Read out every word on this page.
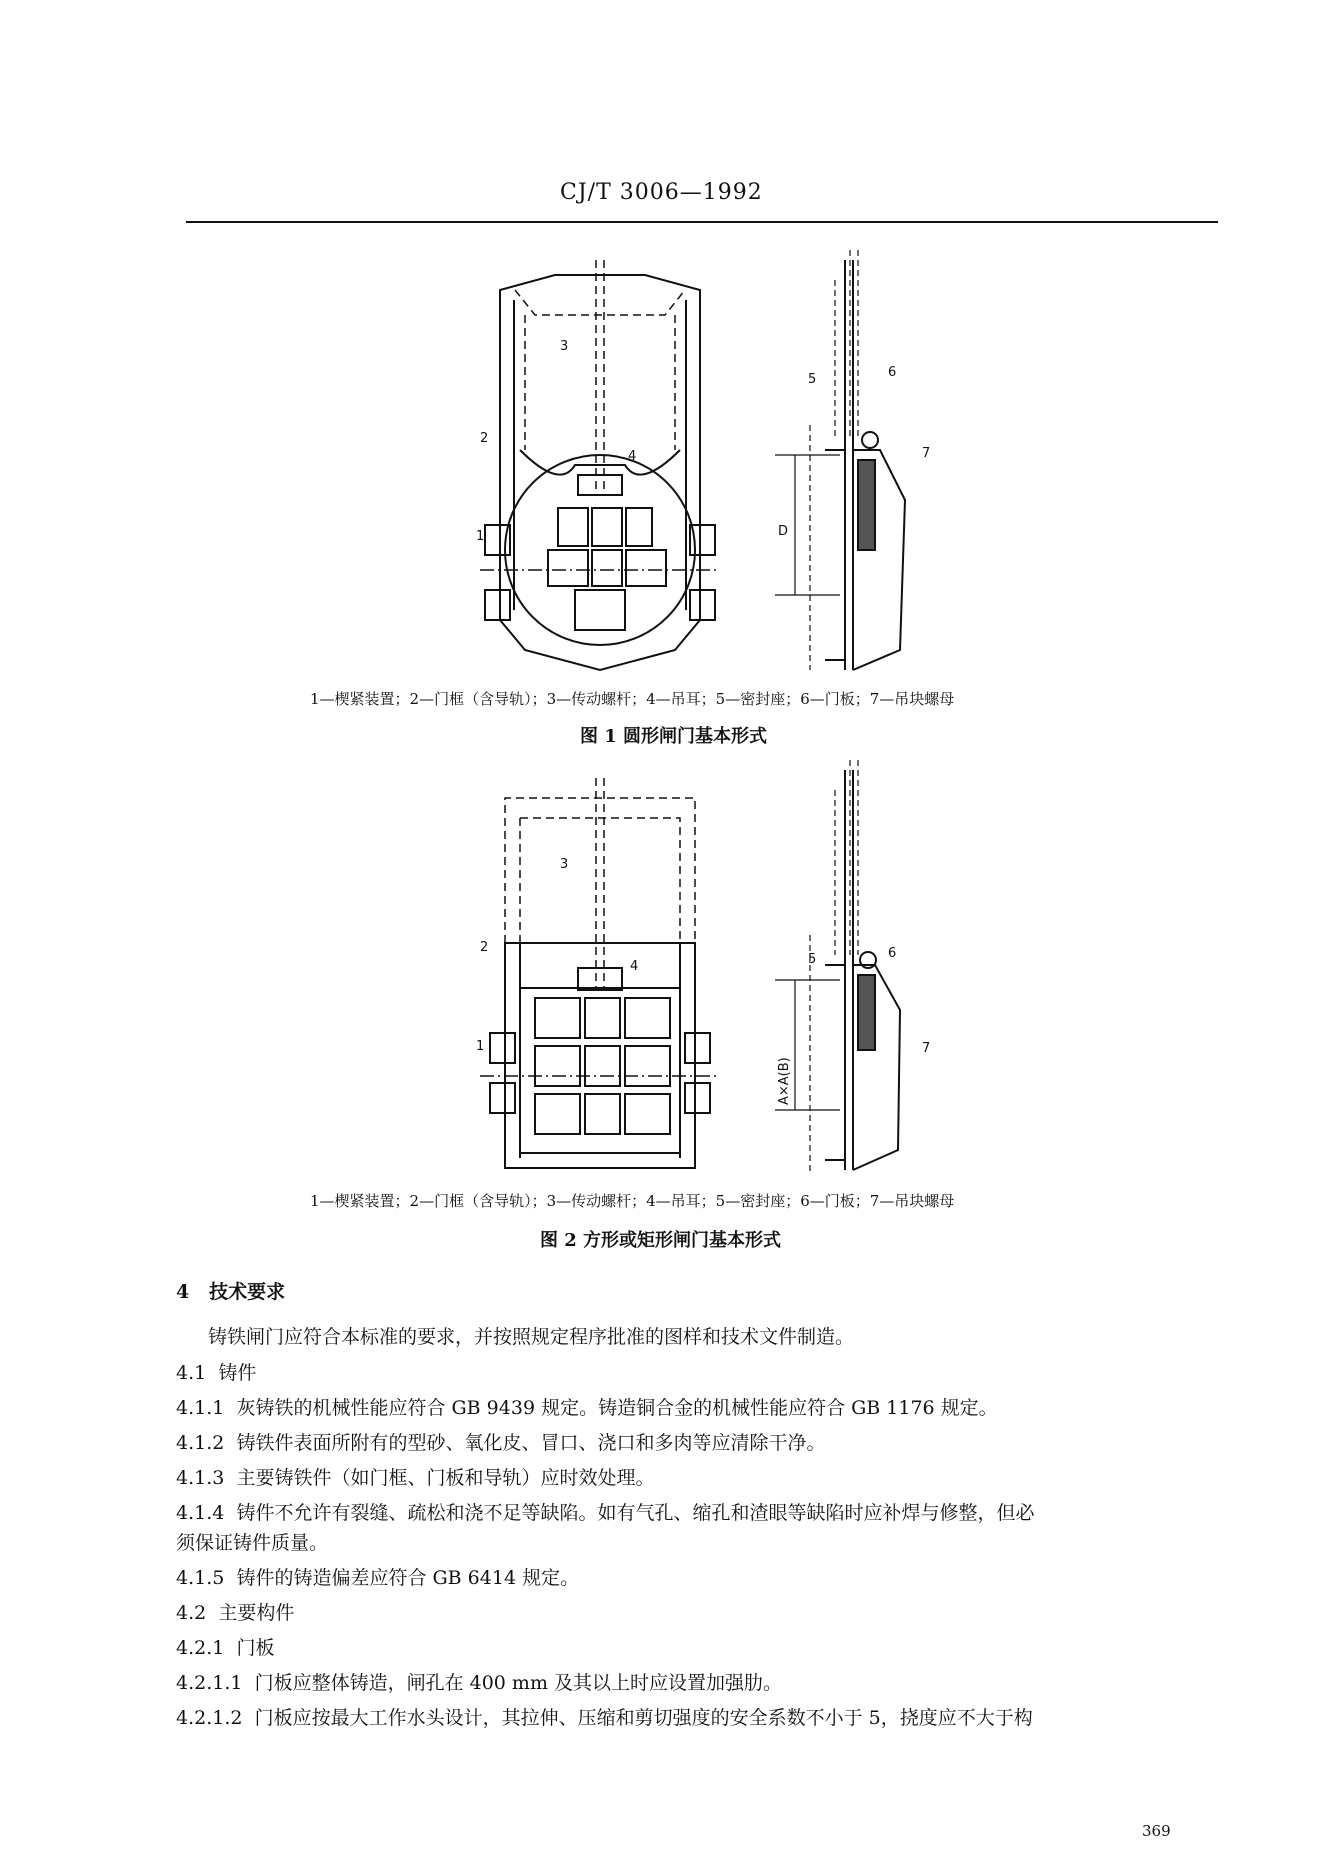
CJ/T 3006—1992
3
4
2
1
5	6
7
D
1—楔紧装置；2—门框（含导轨）；3—传动螺杆；4—吊耳；5—密封座；6—门板；7—吊块螺母
图 1 圆形闸门基本形式
3
4
2
1
5	6
7
A×A(B)
1—楔紧装置；2—门框（含导轨）；3—传动螺杆；4—吊耳；5—密封座；6—门板；7—吊块螺母
图 2 方形或矩形闸门基本形式
4 技术要求
铸铁闸门应符合本标准的要求，并按照规定程序批准的图样和技术文件制造。
4.1 铸件
4.1.1 灰铸铁的机械性能应符合 GB 9439 规定。铸造铜合金的机械性能应符合 GB 1176 规定。
4.1.2 铸铁件表面所附有的型砂、氧化皮、冒口、浇口和多肉等应清除干净。
4.1.3 主要铸铁件（如门框、门板和导轨）应时效处理。
4.1.4 铸件不允许有裂缝、疏松和浇不足等缺陷。如有气孔、缩孔和渣眼等缺陷时应补焊与修整，但必
须保证铸件质量。
4.1.5 铸件的铸造偏差应符合 GB 6414 规定。
4.2 主要构件
4.2.1 门板
4.2.1.1 门板应整体铸造，闸孔在 400 mm 及其以上时应设置加强肋。
4.2.1.2 门板应按最大工作水头设计，其拉伸、压缩和剪切强度的安全系数不小于 5，挠度应不大于构
369
